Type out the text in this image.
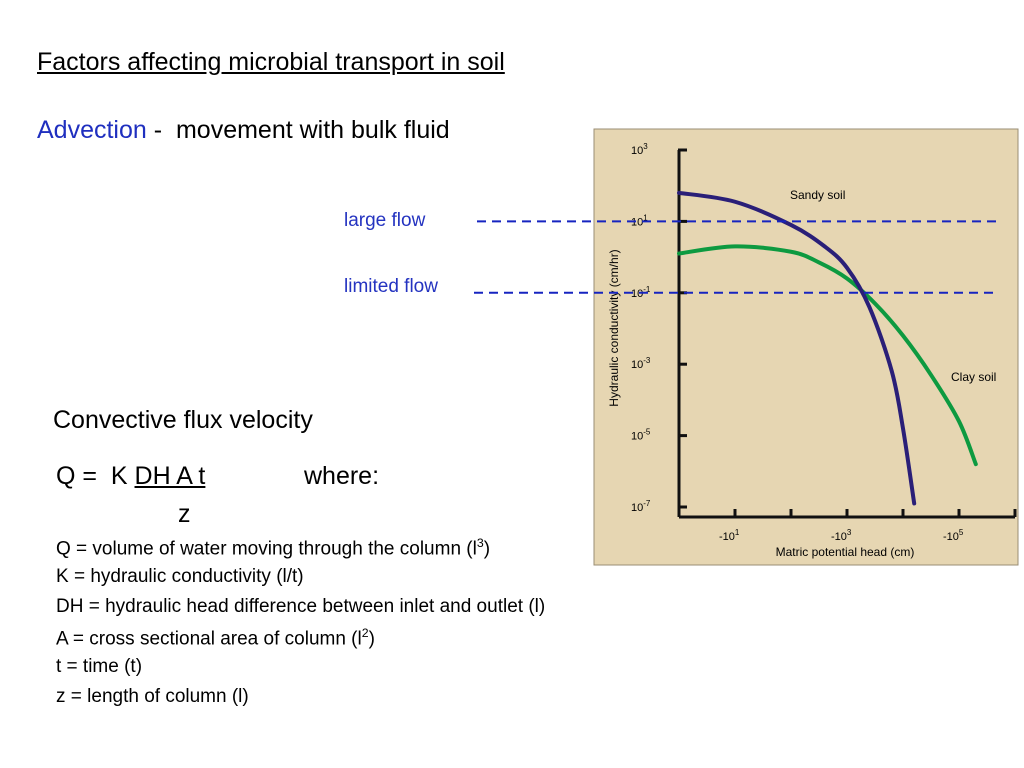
Factors affecting microbial transport in soil
Advection -  movement with bulk fluid
large flow
limited flow
Convective flux velocity
Q =  K DH A t	where:
z
Q = volume of water moving through the column $(l^3)$
K = hydraulic conductivity (l/t)
DH = hydraulic head difference between inlet and outlet (l)
A = cross sectional area of column $(l^2)$
t = time (t)
z = length of column (l)
$10^3$
$10^1$
$10^{-1}$
$10^{-3}$
$10^{-5}$
$10^{-7}$
$-10^1$	$-10^3$	$-10^5$
Matric potential head (cm)
Hydraulic conductivity (cm/hr)
Sandy soil
Clay soil
